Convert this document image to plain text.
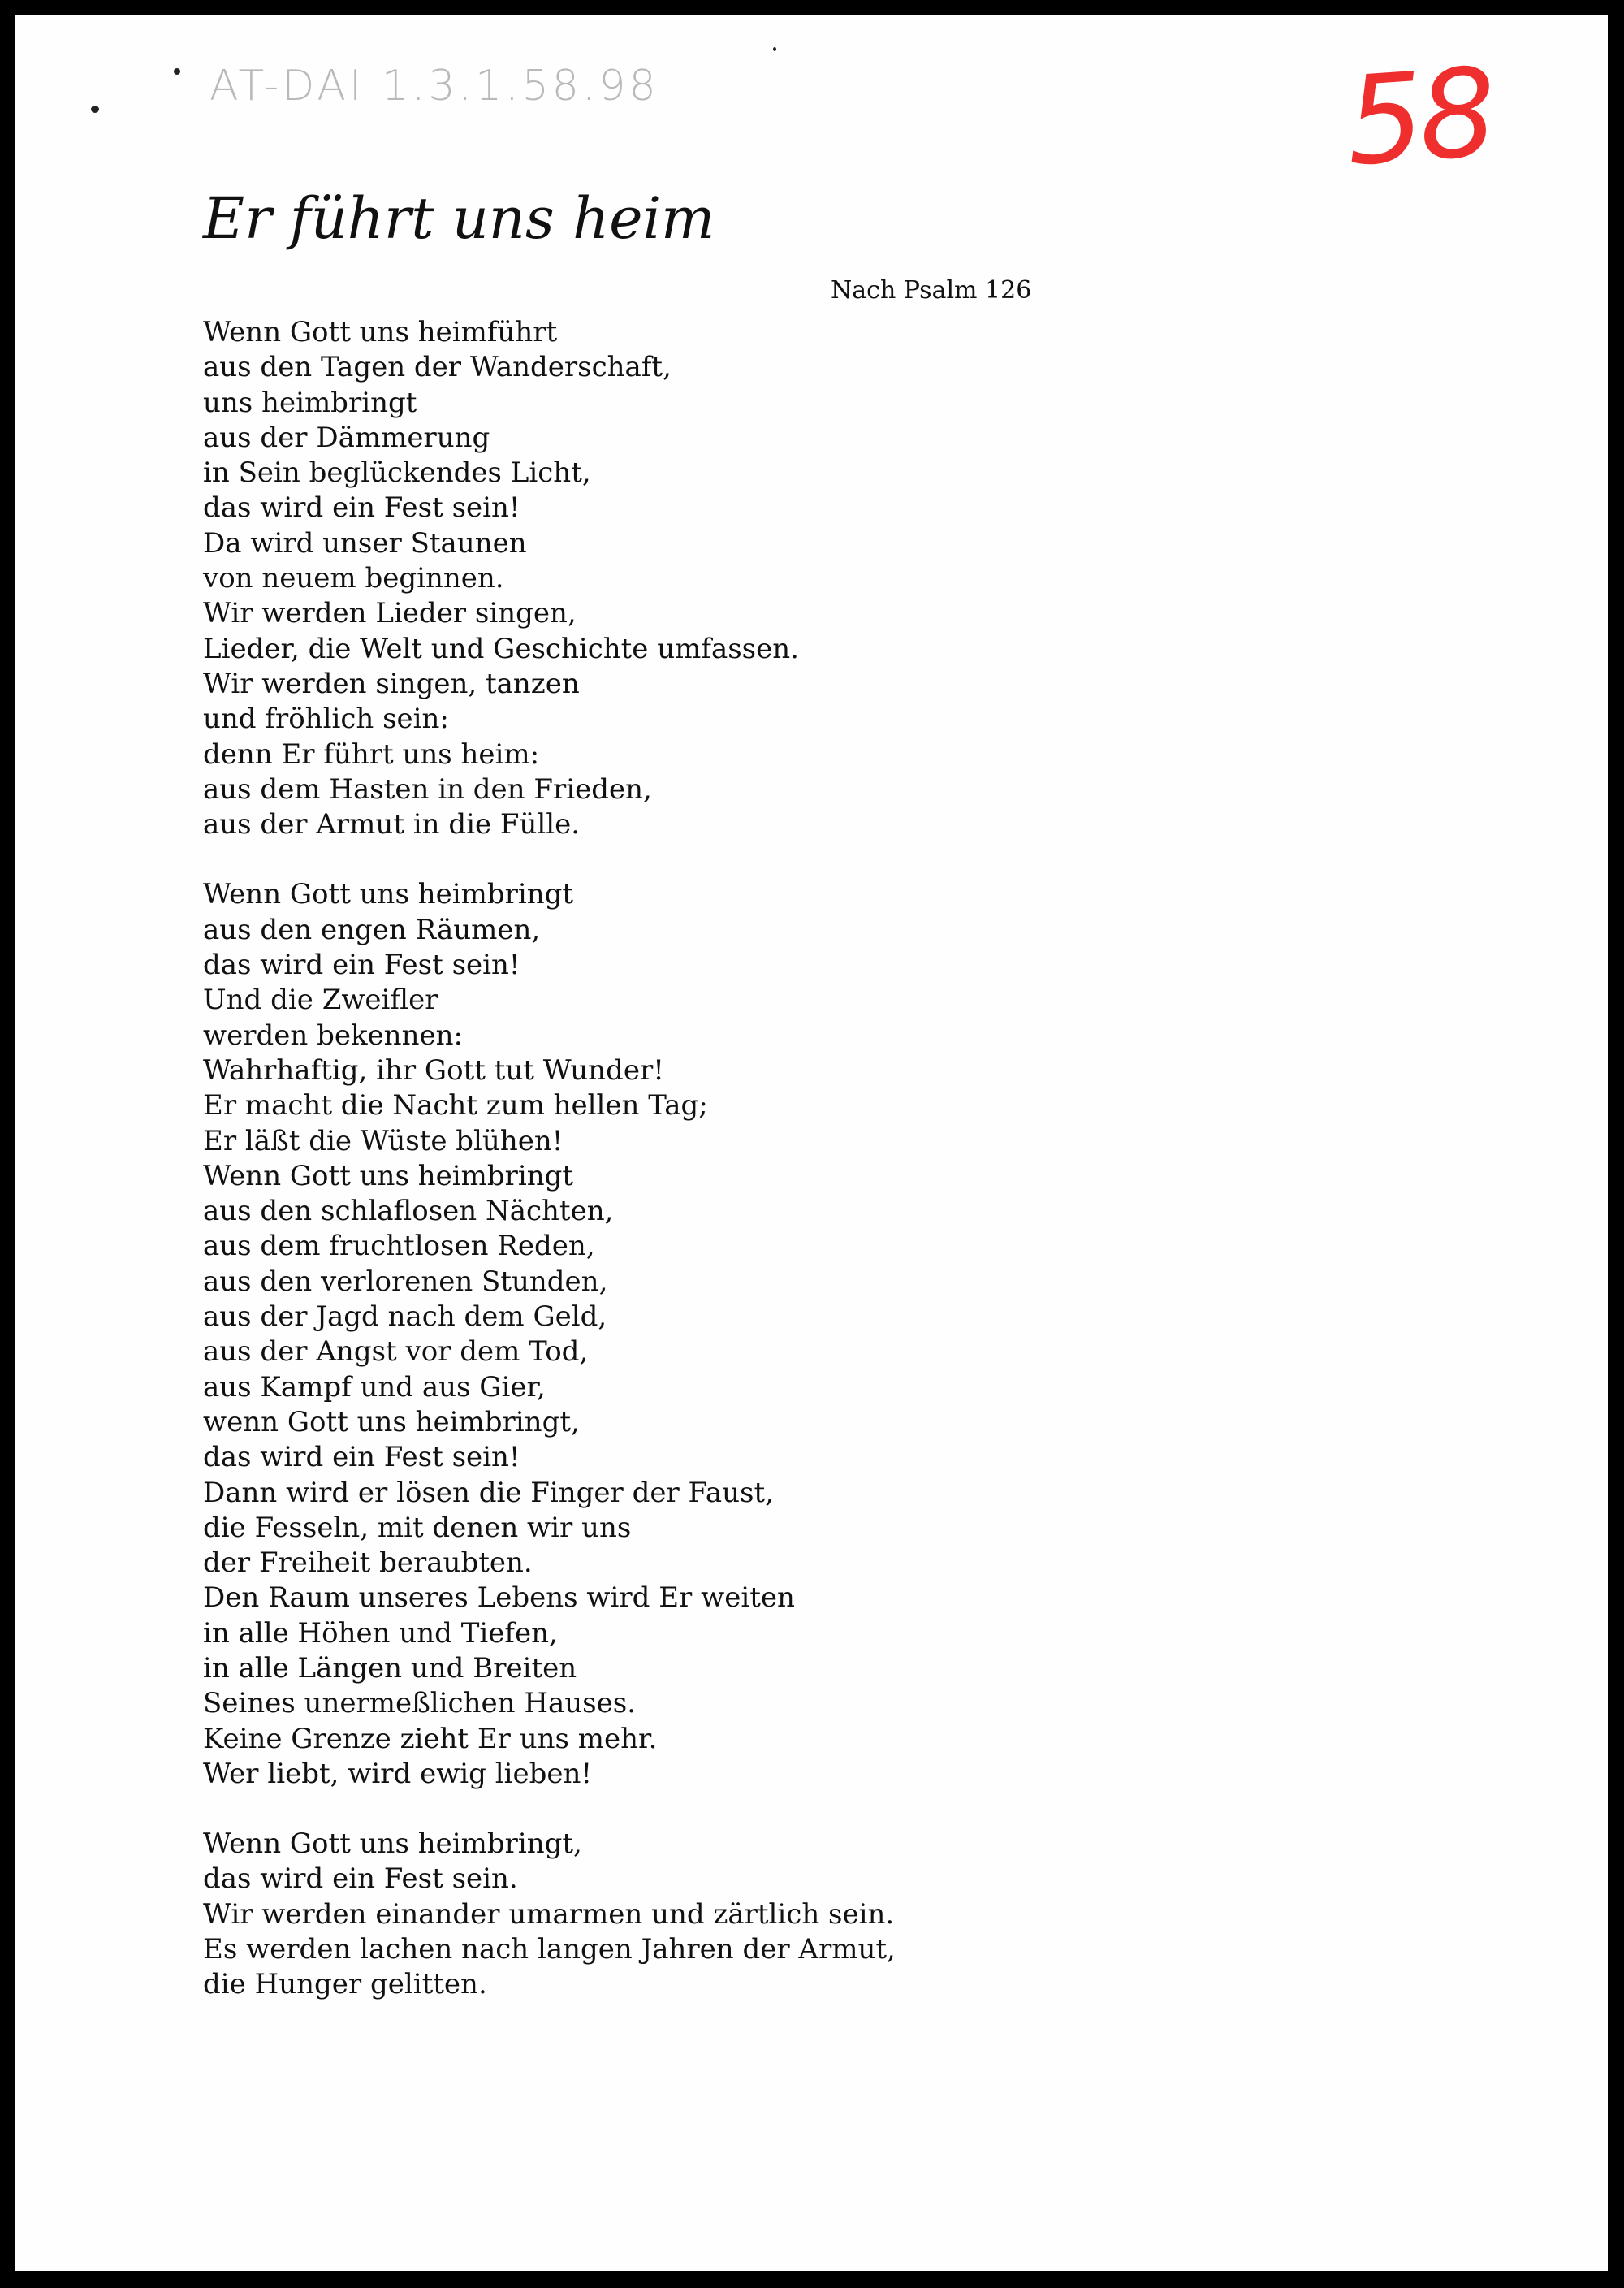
AT-DAI 1.3.1.58.98	58
Er führt uns heim
Nach Psalm 126

Wenn Gott uns heimführt
aus den Tagen der Wanderschaft,
uns heimbringt
aus der Dämmerung
in Sein beglückendes Licht,
das wird ein Fest sein!
Da wird unser Staunen
von neuem beginnen.
Wir werden Lieder singen,
Lieder, die Welt und Geschichte umfassen.
Wir werden singen, tanzen
und fröhlich sein:
denn Er führt uns heim:
aus dem Hasten in den Frieden,
aus der Armut in die Fülle.

Wenn Gott uns heimbringt
aus den engen Räumen,
das wird ein Fest sein!
Und die Zweifler
werden bekennen:
Wahrhaftig, ihr Gott tut Wunder!
Er macht die Nacht zum hellen Tag;
Er läßt die Wüste blühen!
Wenn Gott uns heimbringt
aus den schlaflosen Nächten,
aus dem fruchtlosen Reden,
aus den verlorenen Stunden,
aus der Jagd nach dem Geld,
aus der Angst vor dem Tod,
aus Kampf und aus Gier,
wenn Gott uns heimbringt,
das wird ein Fest sein!
Dann wird er lösen die Finger der Faust,
die Fesseln, mit denen wir uns
der Freiheit beraubten.
Den Raum unseres Lebens wird Er weiten
in alle Höhen und Tiefen,
in alle Längen und Breiten
Seines unermeßlichen Hauses.
Keine Grenze zieht Er uns mehr.
Wer liebt, wird ewig lieben!

Wenn Gott uns heimbringt,
das wird ein Fest sein.
Wir werden einander umarmen und zärtlich sein.
Es werden lachen nach langen Jahren der Armut,
die Hunger gelitten.
